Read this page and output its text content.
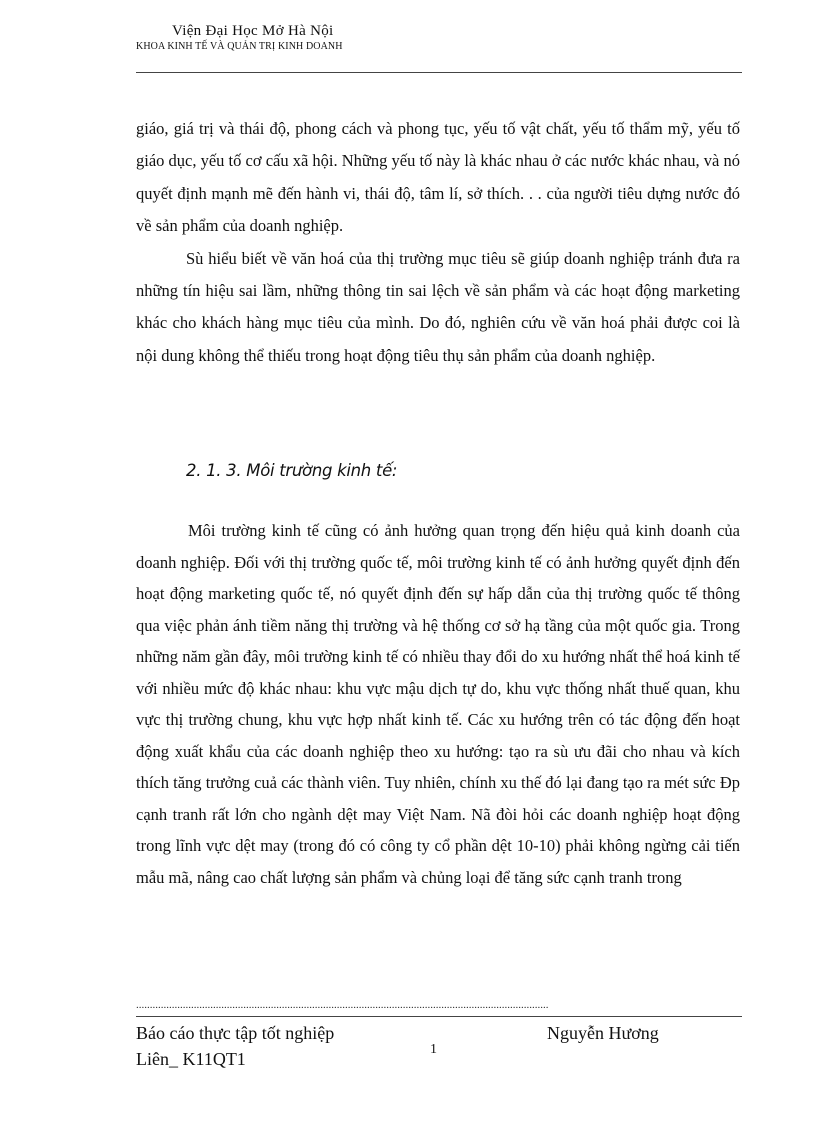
Viện Đại Học Mở Hà Nội
KHOA KINH TẾ VÀ QUẢN TRỊ KINH DOANH

giáo, giá trị và thái độ, phong cách và phong tục, yếu tố vật chất, yếu tố thẩm mỹ, yếu tố giáo dục, yếu tố cơ cấu xã hội. Những yếu tố này là khác nhau ở các nước khác nhau, và nó quyết định mạnh mẽ đến hành vi, thái độ, tâm lí, sở thích. . . của người tiêu dựng nước đó về sản phẩm của doanh nghiệp.

Sù hiểu biết về văn hoá của thị trường mục tiêu sẽ giúp doanh nghiệp tránh đưa ra những tín hiệu sai lầm, những thông tin sai lệch về sản phẩm và các hoạt động marketing khác cho khách hàng mục tiêu của mình. Do đó, nghiên cứu về văn hoá phải được coi là nội dung không thể thiếu trong hoạt động tiêu thụ sản phẩm của doanh nghiệp.

2. 1. 3. Môi trường kinh tế:

Môi trường kinh tế cũng có ảnh hưởng quan trọng đến hiệu quả kinh doanh của doanh nghiệp. Đối với thị trường quốc tế, môi trường kinh tế có ảnh hưởng quyết định đến hoạt động marketing quốc tế, nó quyết định đến sự hấp dẫn của thị trường quốc tế thông qua việc phản ánh tiềm năng thị trường và hệ thống cơ sở hạ tầng của một quốc gia. Trong những năm gần đây, môi trường kinh tế có nhiều thay đổi do xu hướng nhất thể hoá kinh tế với nhiều mức độ khác nhau: khu vực mậu dịch tự do, khu vực thống nhất thuế quan, khu vực thị trường chung, khu vực hợp nhất kinh tế. Các xu hướng trên có tác động đến hoạt động xuất khẩu của các doanh nghiệp theo xu hướng: tạo ra sù ưu đãi cho nhau và kích thích tăng trưởng cuả các thành viên. Tuy nhiên, chính xu thế đó lại đang tạo ra mét sức Ðp cạnh tranh rất lớn cho ngành dệt may Việt Nam. Nã đòi hỏi các doanh nghiệp hoạt động trong lĩnh vực dệt may (trong đó có công ty cổ phần dệt 10-10) phải không ngừng cải tiến mẫu mã, nâng cao chất lượng sản phẩm và chủng loại để tăng sức cạnh tranh trong

......................................................................................................................................................
Báo cáo thực tập tốt nghiệp
Liên_ K11QT1
Nguyễn Hương
1
